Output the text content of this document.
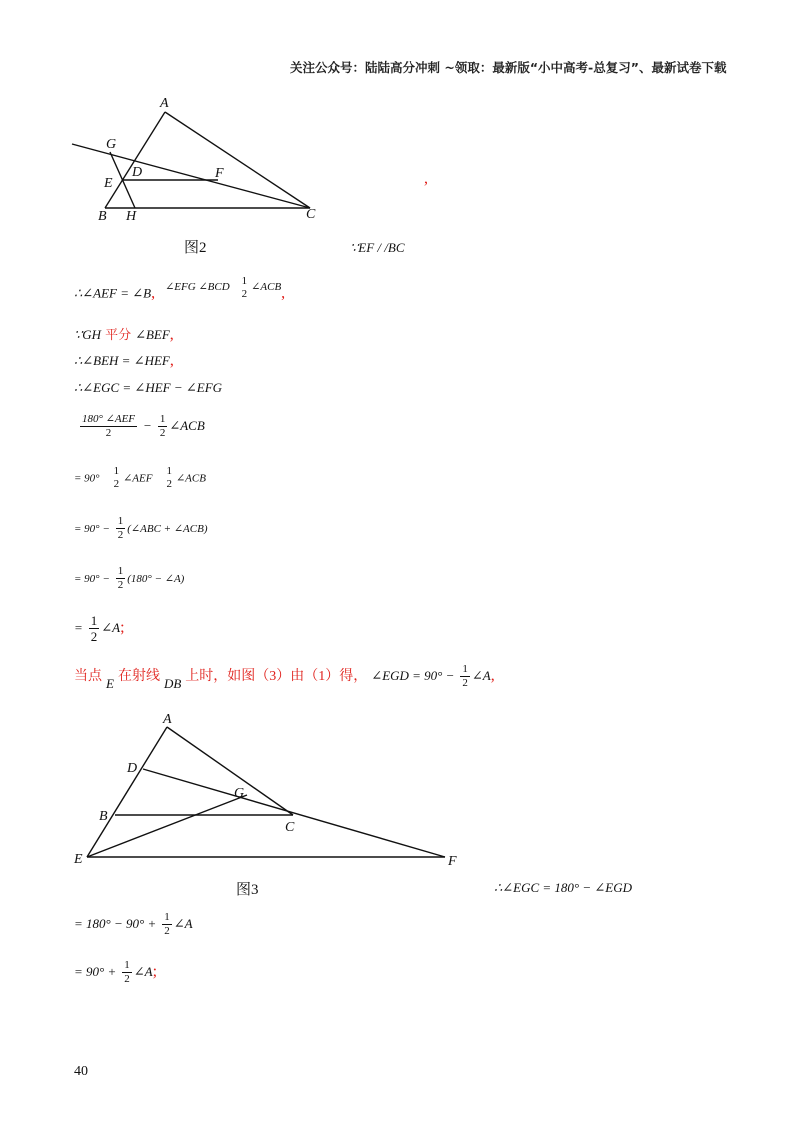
关注公众号：陆陆高分冲刺 ~领取：最新版“小中高考-总复习”、最新试卷下载
A
G
D	F
E
B H	C
,
图2	∵EF / /BC
∴∠AEF = ∠B, $^{\angle EFG \angle BCD}$ 1
2
$^{\angle ACB}$,
∵GH 平分 ∠BEF,
∴∠BEH = ∠HEF,
∴∠EGC = ∠HEF − ∠EFG
$\frac{\text{180° ∠AEF}}{2} - \frac{1}{2}$ ∠ACB
= 90°
1
2 ∠AEF
1
2 ∠ACB
= $90^\circ - \frac{1}{2}$ (∠ABC + ∠ACB)
= $90^\circ - \frac{1}{2} (180^\circ$ − ∠A)
= $\frac{1}{2}$ ∠A;
当点 $_E$ 在射线 $_{DB}$ 上时，如图（3）由（1）得， ∠EGD = $90^\circ - \frac{1}{2}$ ∠A,
A
D
G
B
C
E	F
图3	∴∠EGC = 180° − ∠EGD
= $180^\circ - 90^\circ + \frac{1}{2}$ ∠A
= $90^\circ + \frac{1}{2}$ ∠A;
40
